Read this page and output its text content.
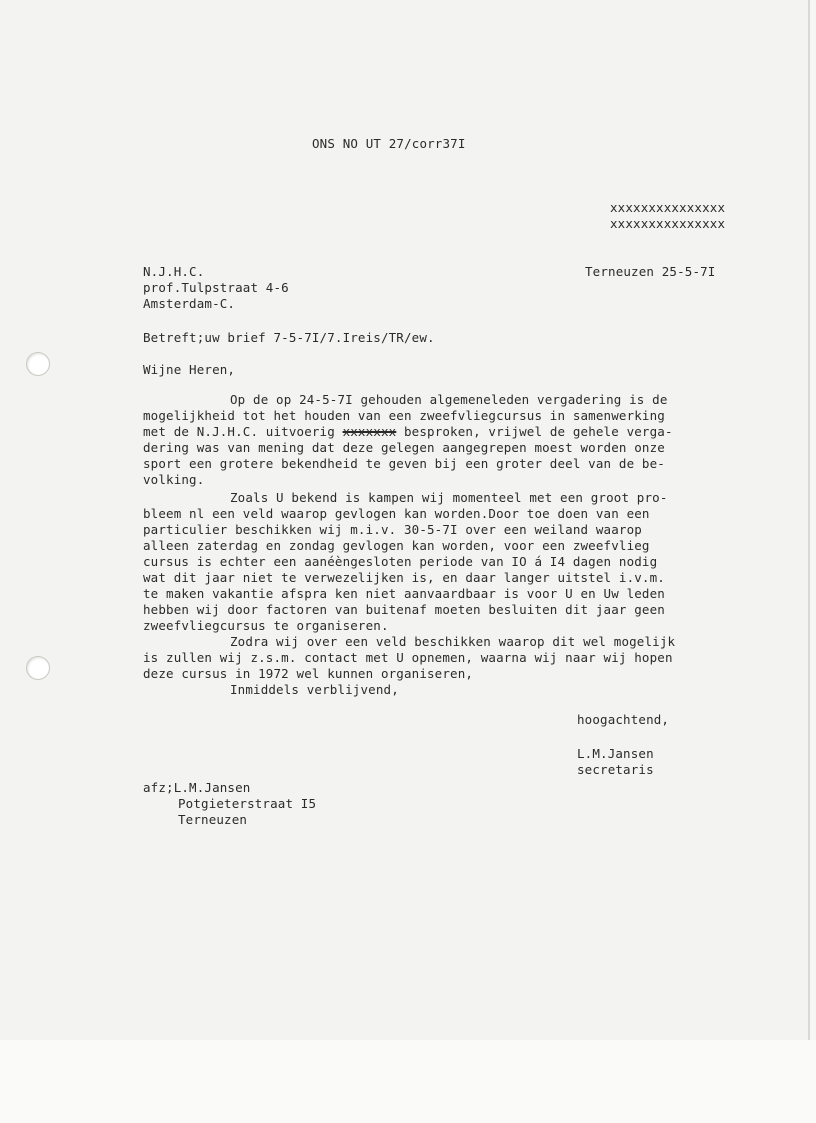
ONS NO UT 27/corr37I
xxxxxxxxxxxxxxx
xxxxxxxxxxxxxxx
N.J.H.C.
prof.Tulpstraat 4-6
Amsterdam-C.
Terneuzen 25-5-7I
Betreft;uw brief 7-5-7I/7.Ireis/TR/ew.
Wijne Heren,
Op de op 24-5-7I gehouden algemeneleden vergadering is de
mogelijkheid tot het houden van een zweefvliegcursus in samenwerking
met de N.J.H.C. uitvoerig xxxxxxx besproken, vrijwel de gehele verga-
dering was van mening dat deze gelegen aangegrepen moest worden onze
sport een grotere bekendheid te geven bij een groter deel van de be-
volking.
Zoals U bekend is kampen wij momenteel met een groot pro-
bleem nl een veld waarop gevlogen kan worden.Door toe doen van een
particulier beschikken wij m.i.v. 30-5-7I over een weiland waarop
alleen zaterdag en zondag gevlogen kan worden, voor een zweefvlieg
cursus is echter een aanéèngesloten periode van IO á I4 dagen nodig
wat dit jaar niet te verwezelijken is, en daar langer uitstel i.v.m.
te maken vakantie afspra ken niet aanvaardbaar is voor U en Uw leden
hebben wij door factoren van buitenaf moeten besluiten dit jaar geen
zweefvliegcursus te organiseren.
Zodra wij over een veld beschikken waarop dit wel mogelijk
is zullen wij z.s.m. contact met U opnemen, waarna wij naar wij hopen
deze cursus in 1972 wel kunnen organiseren,
Inmiddels verblijvend,
hoogachtend,
L.M.Jansen
secretaris
afz;L.M.Jansen
Potgieterstraat I5
Terneuzen
